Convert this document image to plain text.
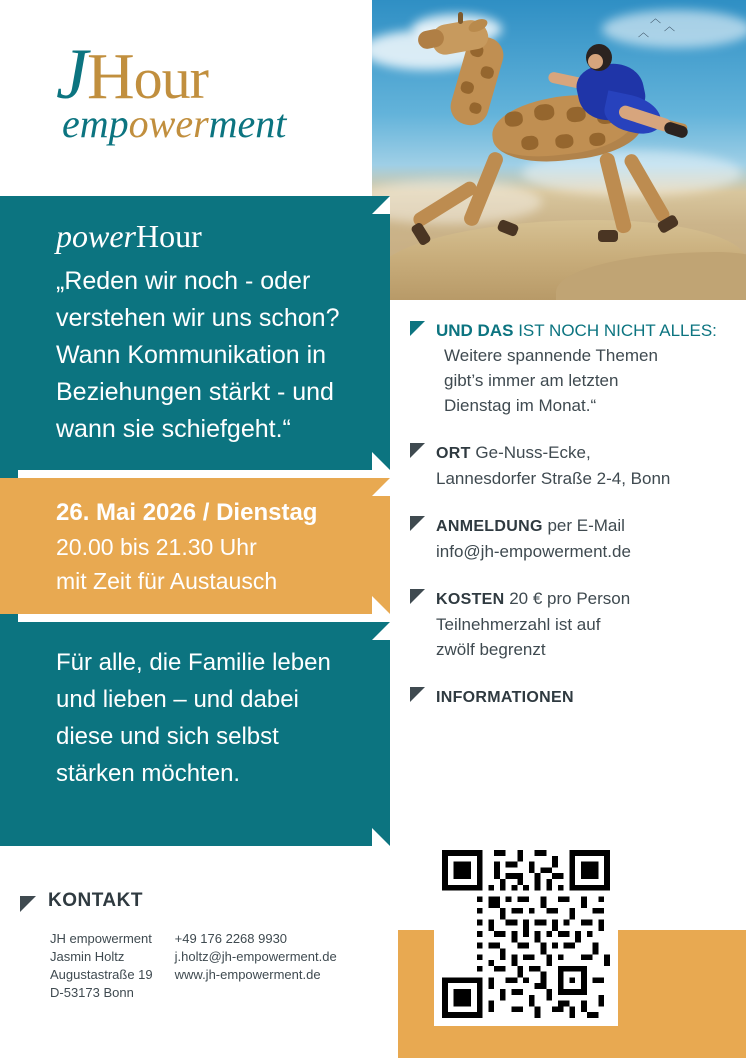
︿
︿
︿
JHour
empowerment
powerHour
„Reden wir noch - oder verstehen wir uns schon? Wann Kommunikation in Beziehungen stärkt - und wann sie schiefgeht.“
26. Mai 2026 / Dienstag
20.00 bis 21.30 Uhr
mit Zeit für Austausch

Für alle, die Familie leben und lieben – und dabei diese und sich selbst stärken möchten.

UND DAS IST NOCH NICHT ALLES:
Weitere spannende Themen
gibt’s immer am letzten
Dienstag im Monat.“
ORT Ge-Nuss-Ecke,
Lannesdorfer Straße 2-4, Bonn
ANMELDUNG per E-Mail
info@jh-empowerment.de
KOSTEN 20 € pro Person
Teilnehmerzahl ist auf
zwölf begrenzt
INFORMATIONEN
KONTAKT
JH empowerment
Jasmin Holtz
Augustastraße 19
D-53173 Bonn
+49 176 2268 9930
j.holtz@jh-empowerment.de
www.jh-empowerment.de
